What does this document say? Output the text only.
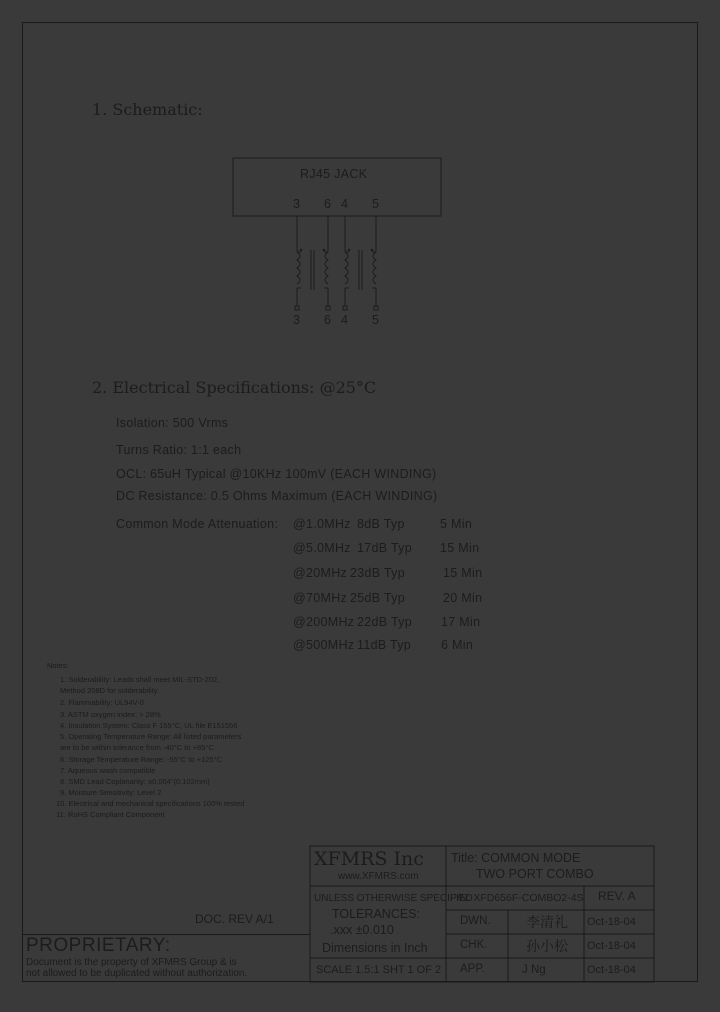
1. Schematic:
2. Electrical Specifications: @25°C
RJ45 JACK
3 6 4 5
3 6 4 5
Isolation: 500 Vrms
Turns Ratio: 1:1 each
OCL: 65uH Typical @10KHz 100mV (EACH WINDING)
DC Resistance: 0.5 Ohms Maximum (EACH WINDING)
Common Mode Attenuation: @1.0MHz 8dB Typ	5 Min
@5.0MHz 17dB Typ 15 Min
@20MHz 23dB Typ	15 Min
@70MHz 25dB Typ	20 Min
@200MHz 22dB Typ 17 Min
@500MHz 11dB Typ 6 Min
Notes:
1. Solderability: Leads shall meet MIL-STD-202,
Method 208D for solderability.
2. Flammability: UL94V-0
3. ASTM oxygen index: > 28%
4. Insulation System: Class F 155°C, UL file E151556
5. Operating Temperature Range: All listed parameters
are to be within tolerance from -40°C to +85°C
6. Storage Temperature Range: -55°C to +125°C
7. Aqueous wash compatible
8. SMD Lead Coplanarity: ±0.004"(0.102mm)
9. Moisture Sensitivity: Level 2
10. Electrical and mechanical specifications 100% tested
11. RoHS Compliant Component
DOC. REV A/1
PROPRIETARY:
Document is the property of XFMRS Group & is
not allowed to be duplicated without authorization.
XFMRS Inc
www.XFMRS.com
Title: COMMON MODE
TWO PORT COMBO
UNLESS OTHERWISE SPECIFIED
TOLERANCES:
.xxx ±0.010
Dimensions in Inch
SCALE 1.5:1 SHT 1 OF 2
P/N: XFD656F-COMBO2-4S REV. A
DWN.	李清礼 Oct-18-04
CHK.	孙小松 Oct-18-04
APP.	J Ng	Oct-18-04
